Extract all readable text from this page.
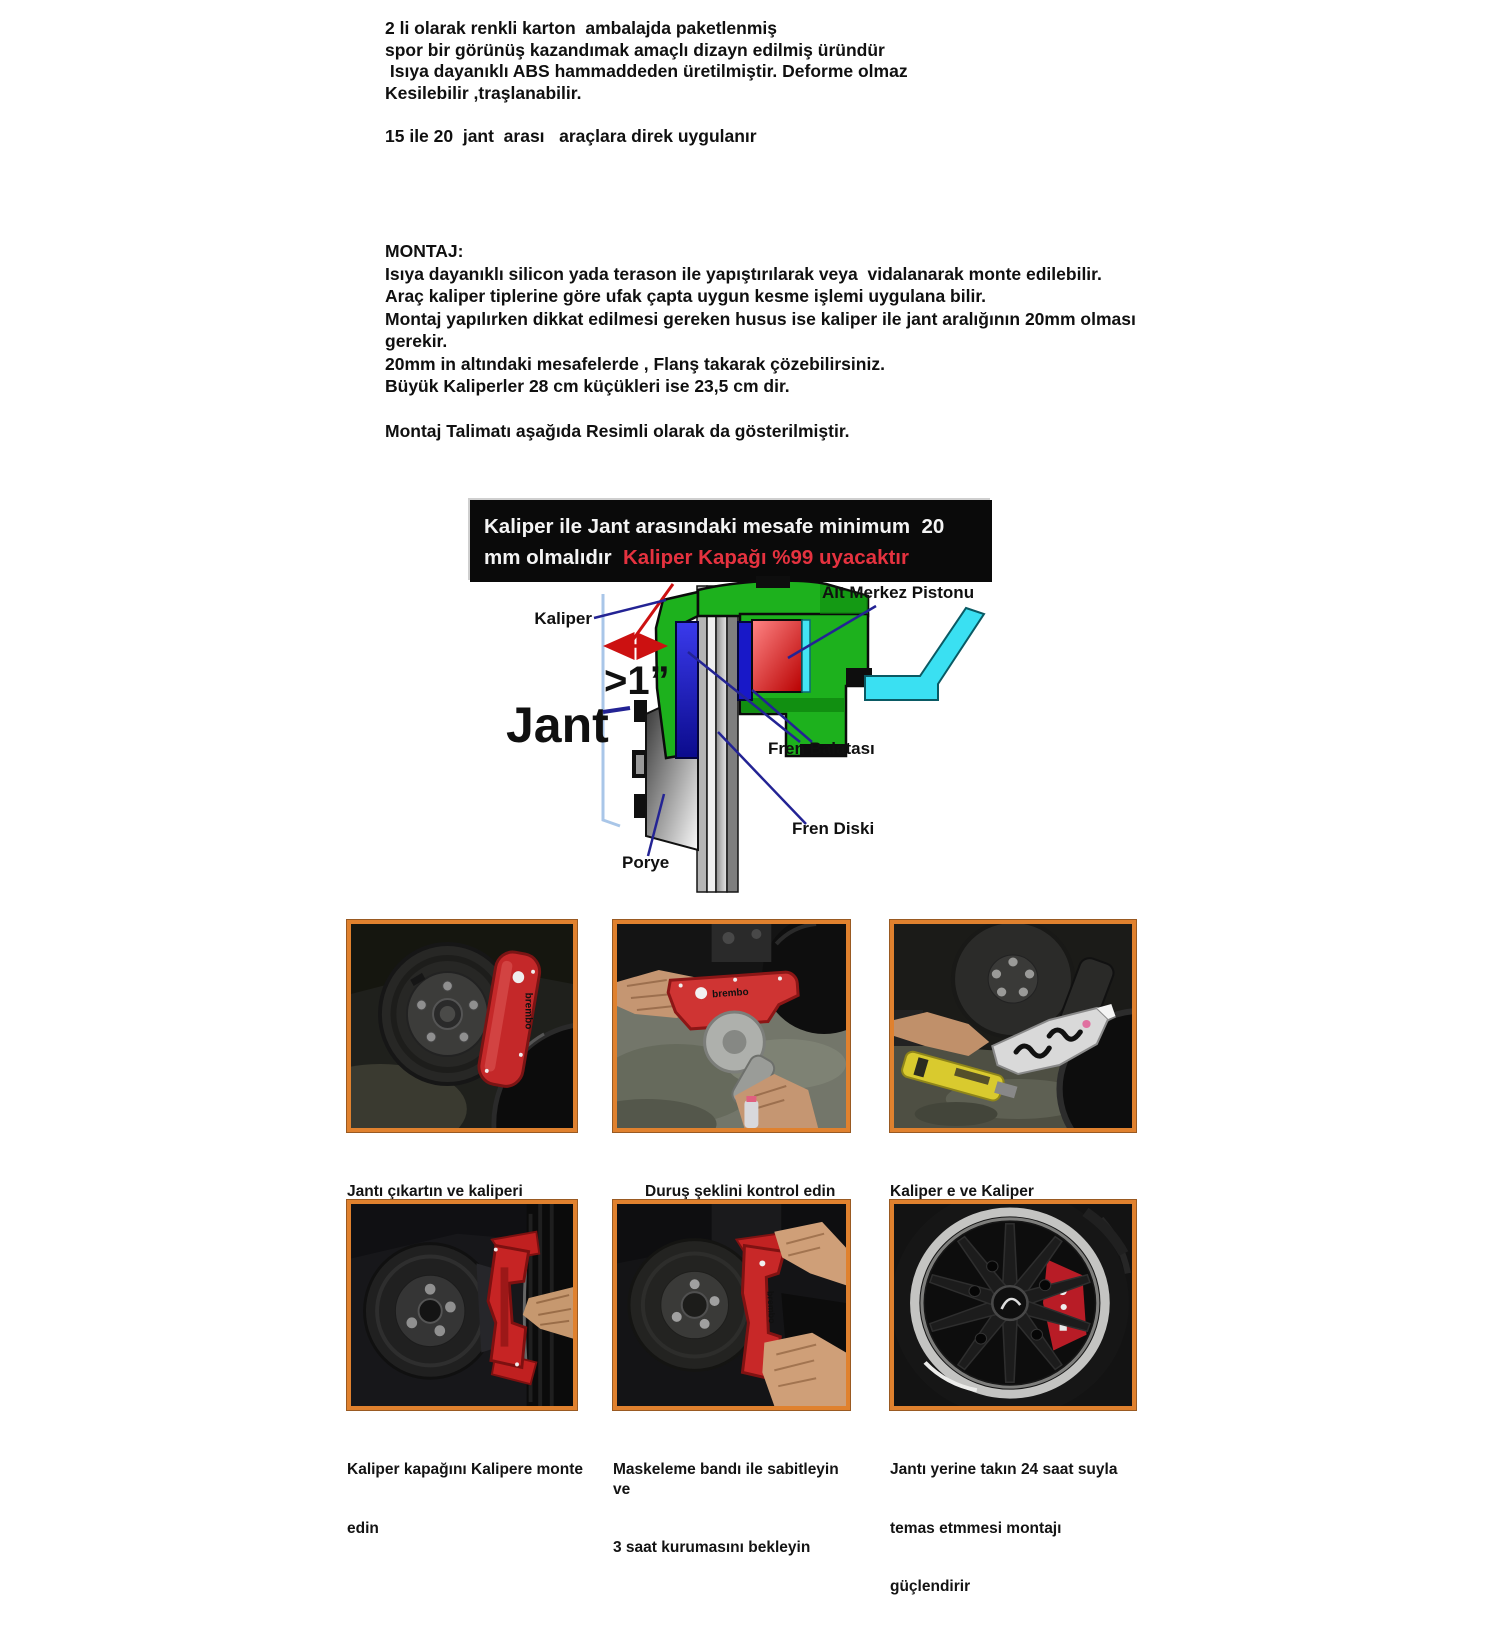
2 li olarak renkli karton  ambalajda paketlenmiş
spor bir görünüş kazandımak amaçlı dizayn edilmiş üründür
Isıya dayanıklı ABS hammaddeden üretilmiştir. Deforme olmaz
Kesilebilir ,traşlanabilir.
15 ile 20  jant  arası   araçlara direk uygulanır
MONTAJ:
Isıya dayanıklı silicon yada terason ile yapıştırılarak veya  vidalanarak monte edilebilir.
Araç kaliper tiplerine göre ufak çapta uygun kesme işlemi uygulana bilir.
Montaj yapılırken dikkat edilmesi gereken husus ise kaliper ile jant aralığının 20mm olması
gerekir.
20mm in altındaki mesafelerde , Flanş takarak çözebilirsiniz.
Büyük Kaliperler 28 cm küçükleri ise 23,5 cm dir.
Montaj Talimatı aşağıda Resimli olarak da gösterilmiştir.

Kaliper ile Jant arasındaki mesafe minimum  20 mm olmalıdır  Kaliper Kapağı %99 uyacaktır

>1”
Kaliper
Alt Merkez Pistonu
Jant	Fren Balatası
Fren Diski
Porye
brembo

Jantı çıkartın ve kaliperi

brembo

Duruş şeklini kontrol edin

	Kaliper e ve Kaliper

Kaliper kapağını Kalipere monte

edin

brembo

Maskeleme bandı ile sabitleyin ve

3 saat kurumasını bekleyin

Jantı yerine takın 24 saat suyla

temas etmmesi montajı

güçlendirir
